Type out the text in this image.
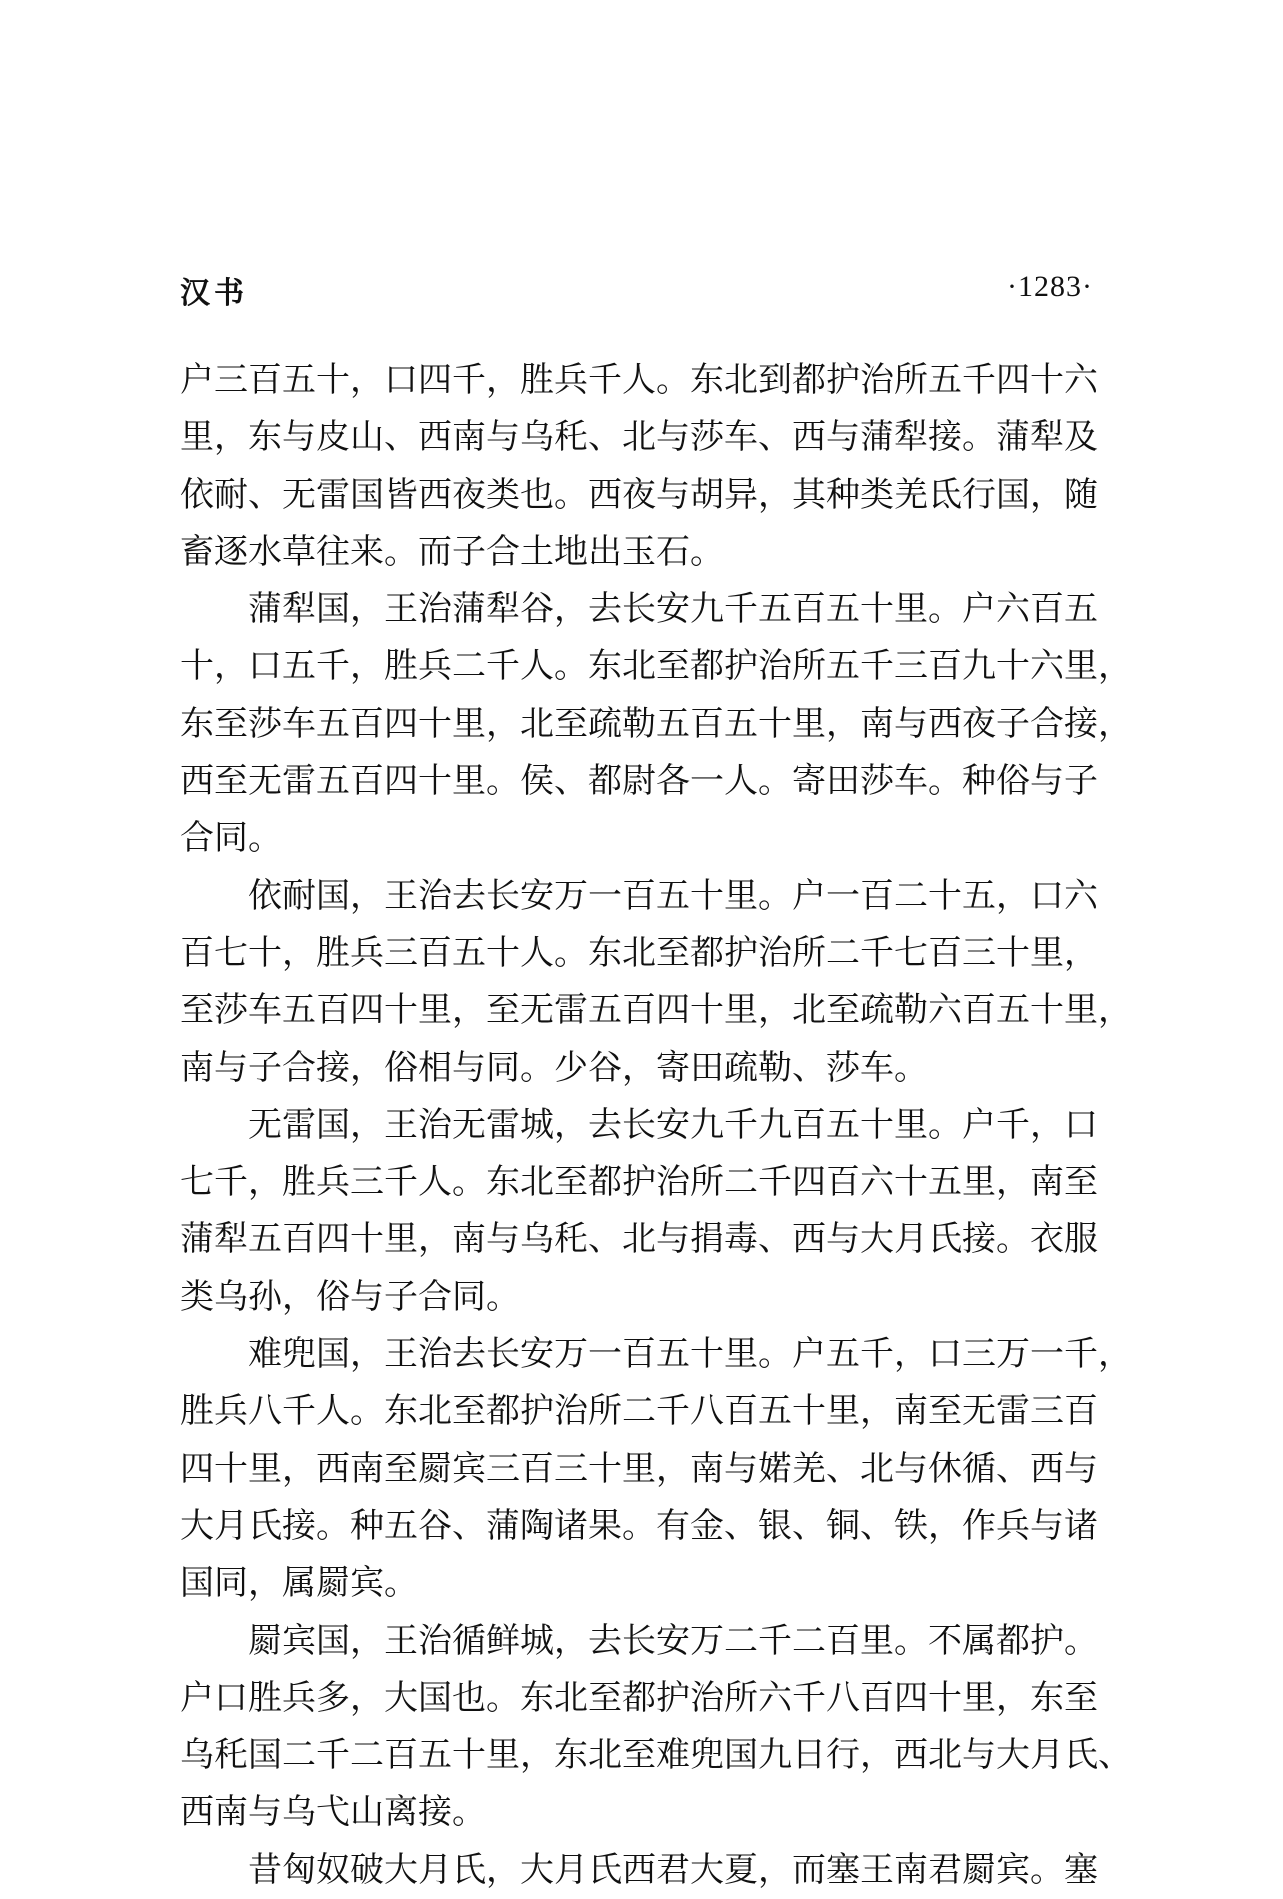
汉书	·1283·
户三百五十，口四千，胜兵千人。东北到都护治所五千四十六
里，东与皮山、西南与乌秅、北与莎车、西与蒲犁接。蒲犁及
依耐、无雷国皆西夜类也。西夜与胡异，其种类羌氐行国，随
畜逐水草往来。而子合土地出玉石。
蒲犁国，王治蒲犁谷，去长安九千五百五十里。户六百五
十，口五千，胜兵二千人。东北至都护治所五千三百九十六里，
东至莎车五百四十里，北至疏勒五百五十里，南与西夜子合接，
西至无雷五百四十里。侯、都尉各一人。寄田莎车。种俗与子
合同。
依耐国，王治去长安万一百五十里。户一百二十五，口六
百七十，胜兵三百五十人。东北至都护治所二千七百三十里，
至莎车五百四十里，至无雷五百四十里，北至疏勒六百五十里，
南与子合接，俗相与同。少谷，寄田疏勒、莎车。
无雷国，王治无雷城，去长安九千九百五十里。户千，口
七千，胜兵三千人。东北至都护治所二千四百六十五里，南至
蒲犁五百四十里，南与乌秅、北与捐毒、西与大月氏接。衣服
类乌孙，俗与子合同。
难兜国，王治去长安万一百五十里。户五千，口三万一千，
胜兵八千人。东北至都护治所二千八百五十里，南至无雷三百
四十里，西南至罽宾三百三十里，南与婼羌、北与休循、西与
大月氏接。种五谷、蒲陶诸果。有金、银、铜、铁，作兵与诸
国同，属罽宾。
罽宾国，王治循鲜城，去长安万二千二百里。不属都护。
户口胜兵多，大国也。东北至都护治所六千八百四十里，东至
乌秅国二千二百五十里，东北至难兜国九日行，西北与大月氏、
西南与乌弋山离接。
昔匈奴破大月氏，大月氏西君大夏，而塞王南君罽宾。塞
